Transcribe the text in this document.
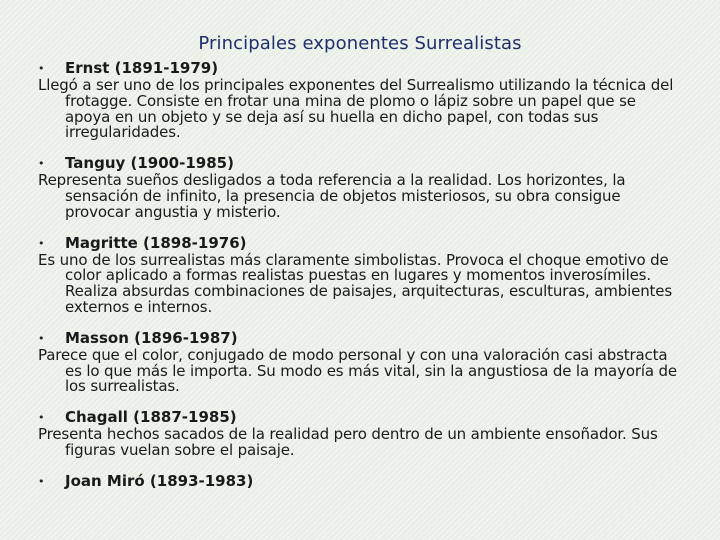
Principales exponentes Surrealistas
• Ernst (1891-1979)
Llegó a ser uno de los principales exponentes del Surrealismo utilizando la técnica del frotagge. Consiste en frotar una mina de plomo o lápiz sobre un papel que se apoya en un objeto y se deja así su huella en dicho papel, con todas sus irregularidades.
• Tanguy (1900-1985)
Representa sueños desligados a toda referencia a la realidad. Los horizontes, la sensación de infinito, la presencia de objetos misteriosos, su obra consigue provocar angustia y misterio.
• Magritte (1898-1976)
Es uno de los surrealistas más claramente simbolistas. Provoca el choque emotivo de color aplicado a formas realistas puestas en lugares y momentos inverosímiles. Realiza absurdas combinaciones de paisajes, arquitecturas, esculturas, ambientes externos e internos.
• Masson (1896-1987)
Parece que el color, conjugado de modo personal y con una valoración casi abstracta es lo que más le importa. Su modo es más vital, sin la angustiosa de la mayoría de los surrealistas.
• Chagall (1887-1985)
Presenta hechos sacados de la realidad pero dentro de un ambiente ensoñador. Sus figuras vuelan sobre el paisaje.
• Joan Miró (1893-1983)
